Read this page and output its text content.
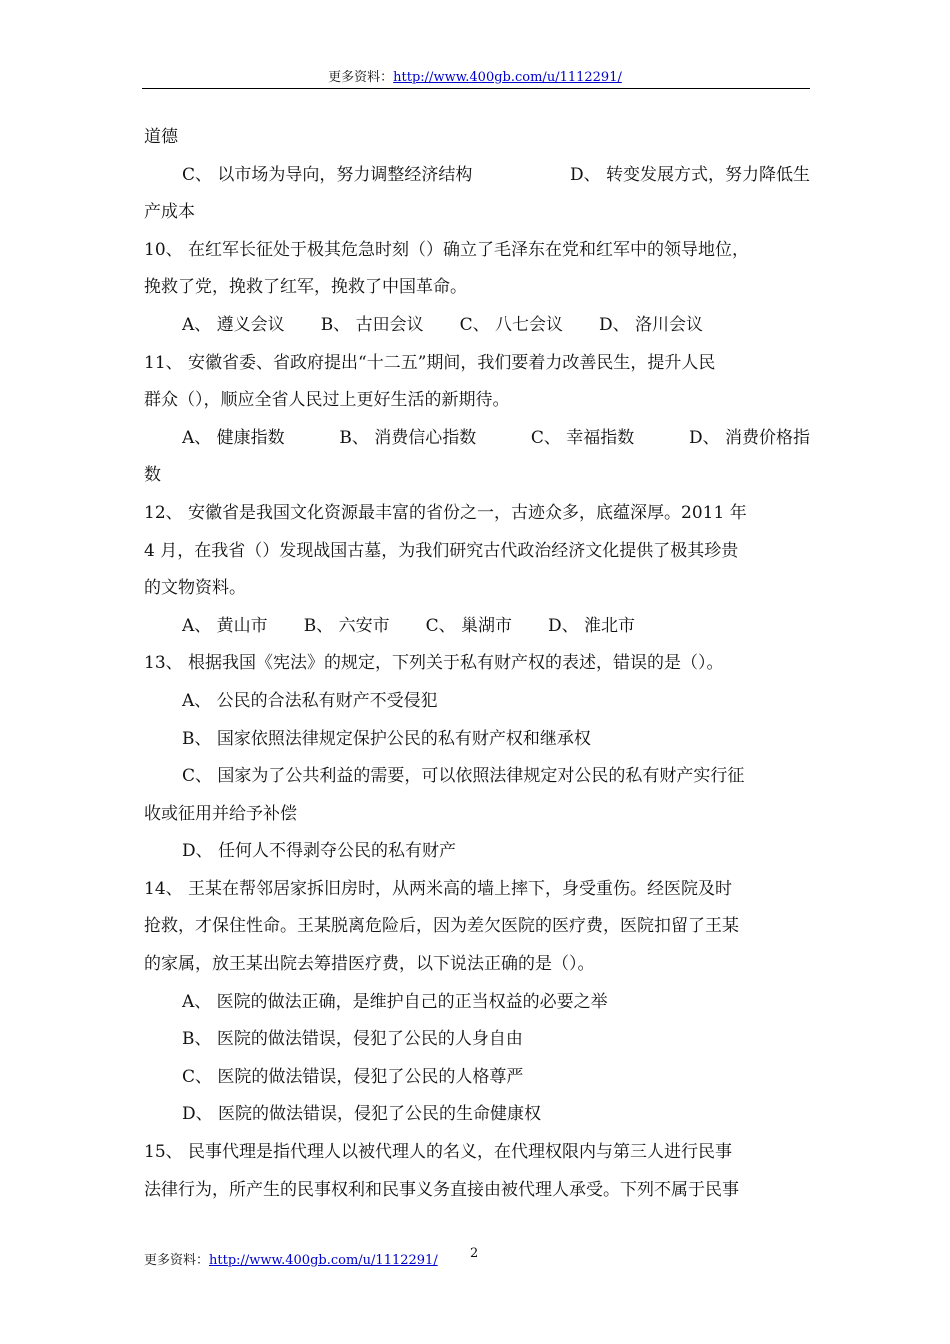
更多资料：http://www.400gb.com/u/1112291/
道德
C、 以市场为导向，努力调整经济结构	D、 转变发展方式，努力降低生
产成本
10、 在红军长征处于极其危急时刻（）确立了毛泽东在党和红军中的领导地位，
挽救了党，挽救了红军，挽救了中国革命。
A、 遵义会议 B、 古田会议 C、 八七会议 D、 洛川会议
11、 安徽省委、省政府提出“十二五”期间，我们要着力改善民生，提升人民
群众（），顺应全省人民过上更好生活的新期待。
A、 健康指数	B、 消费信心指数	C、 幸福指数	D、 消费价格指
数
12、 安徽省是我国文化资源最丰富的省份之一，古迹众多，底蕴深厚。2011 年
4 月，在我省（）发现战国古墓，为我们研究古代政治经济文化提供了极其珍贵
的文物资料。
A、 黄山市 B、 六安市 C、 巢湖市 D、 淮北市
13、 根据我国《宪法》的规定，下列关于私有财产权的表述，错误的是（）。
A、 公民的合法私有财产不受侵犯
B、 国家依照法律规定保护公民的私有财产权和继承权
C、 国家为了公共利益的需要，可以依照法律规定对公民的私有财产实行征
收或征用并给予补偿
D、 任何人不得剥夺公民的私有财产
14、 王某在帮邻居家拆旧房时，从两米高的墙上摔下，身受重伤。经医院及时
抢救，才保住性命。王某脱离危险后，因为差欠医院的医疗费，医院扣留了王某
的家属，放王某出院去筹措医疗费，以下说法正确的是（）。
A、 医院的做法正确，是维护自己的正当权益的必要之举
B、 医院的做法错误，侵犯了公民的人身自由
C、 医院的做法错误，侵犯了公民的人格尊严
D、 医院的做法错误，侵犯了公民的生命健康权
15、 民事代理是指代理人以被代理人的名义，在代理权限内与第三人进行民事
法律行为，所产生的民事权利和民事义务直接由被代理人承受。下列不属于民事
更多资料：http://www.400gb.com/u/1112291/ 2
